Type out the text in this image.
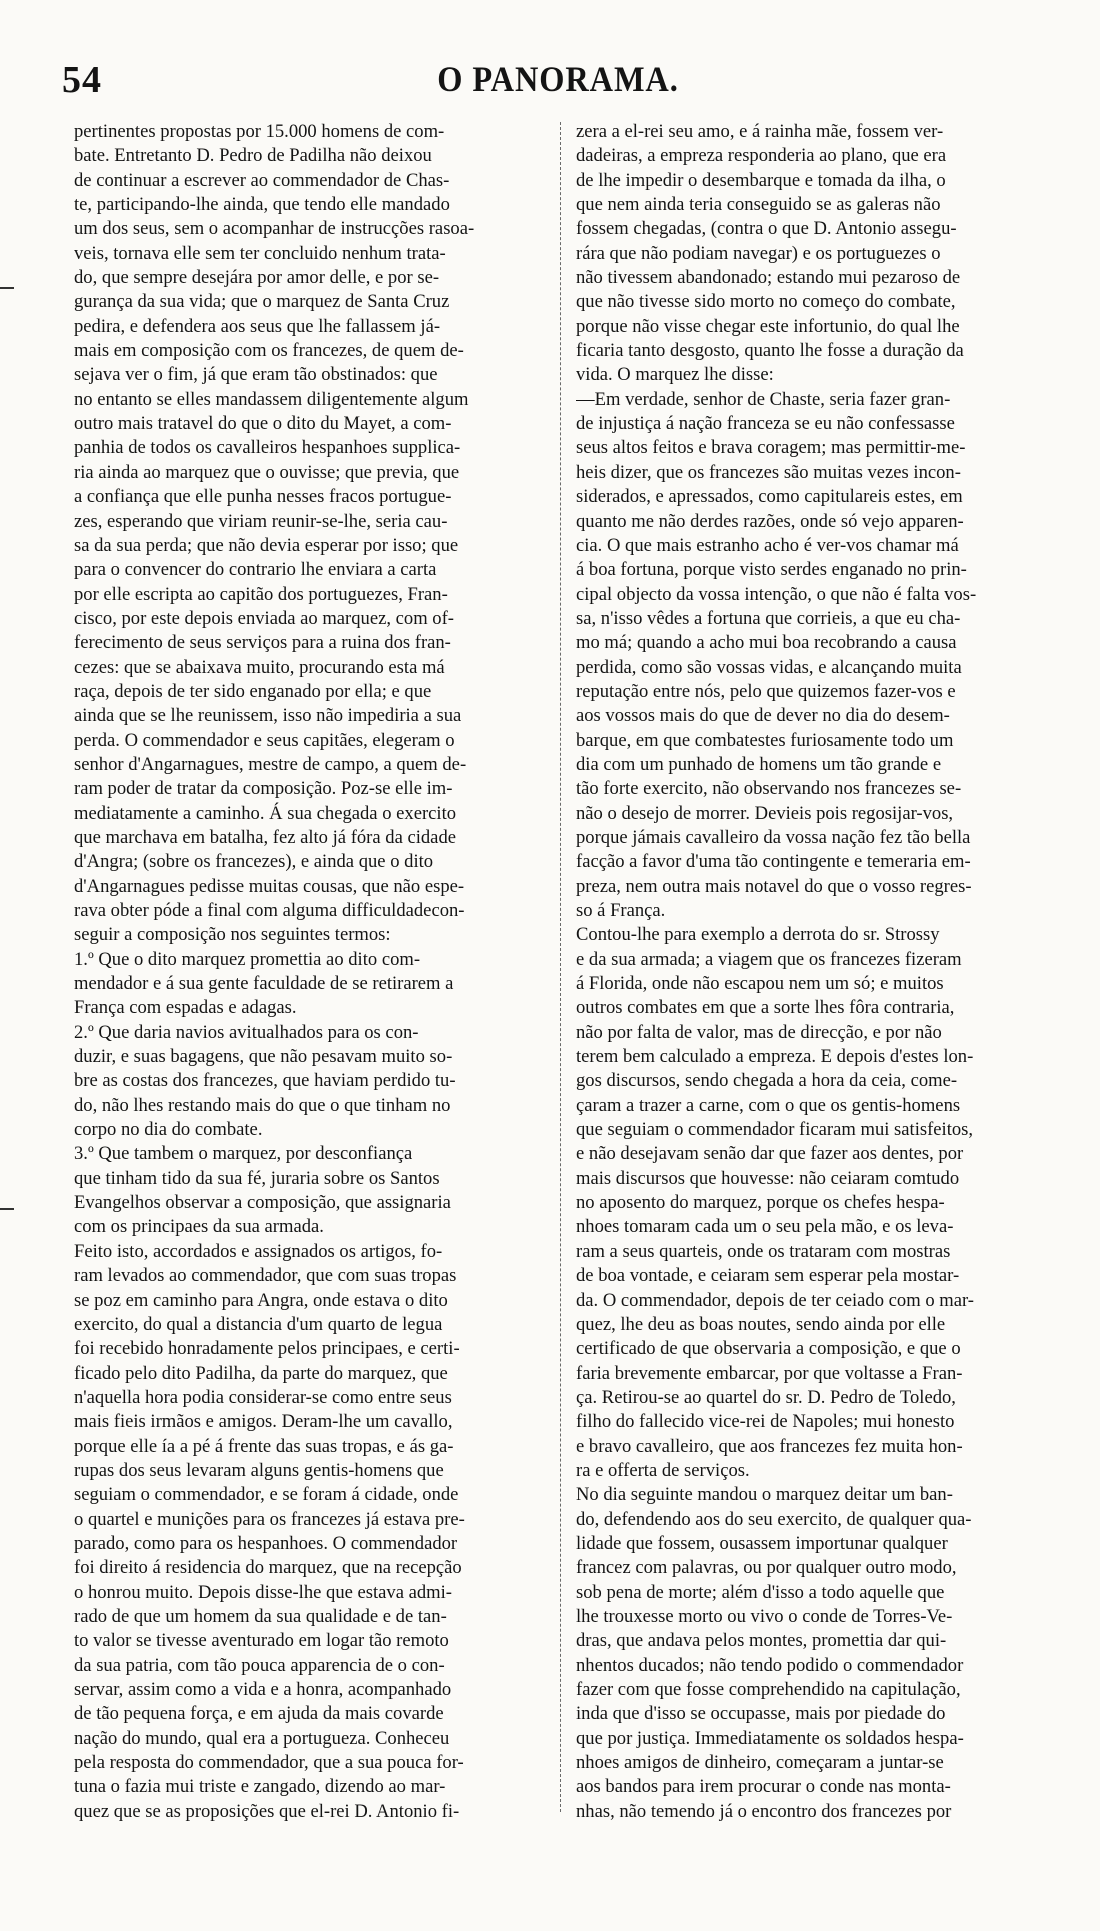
54	O PANORAMA.
pertinentes propostas por 15.000 homens de com-
bate. Entretanto D. Pedro de Padilha não deixou
de continuar a escrever ao commendador de Chas-
te, participando-lhe ainda, que tendo elle mandado
um dos seus, sem o acompanhar de instrucções rasoa-
veis, tornava elle sem ter concluido nenhum trata-
do, que sempre desejára por amor delle, e por se-
gurança da sua vida; que o marquez de Santa Cruz
pedira, e defendera aos seus que lhe fallassem já-
mais em composição com os francezes, de quem de-
sejava ver o fim, já que eram tão obstinados: que
no entanto se elles mandassem diligentemente algum
outro mais tratavel do que o dito du Mayet, a com-
panhia de todos os cavalleiros hespanhoes supplica-
ria ainda ao marquez que o ouvisse; que previa, que
a confiança que elle punha nesses fracos portugue-
zes, esperando que viriam reunir-se-lhe, seria cau-
sa da sua perda; que não devia esperar por isso; que
para o convencer do contrario lhe enviara a carta
por elle escripta ao capitão dos portuguezes, Fran-
cisco, por este depois enviada ao marquez, com of-
ferecimento de seus serviços para a ruina dos fran-
cezes: que se abaixava muito, procurando esta má
raça, depois de ter sido enganado por ella; e que
ainda que se lhe reunissem, isso não impediria a sua
perda. O commendador e seus capitães, elegeram o
senhor d'Angarnagues, mestre de campo, a quem de-
ram poder de tratar da composição. Poz-se elle im-
mediatamente a caminho. Á sua chegada o exercito
que marchava em batalha, fez alto já fóra da cidade
d'Angra; (sobre os francezes), e ainda que o dito
d'Angarnagues pedisse muitas cousas, que não espe-
rava obter póde a final com alguma difficuldadecon-
seguir a composição nos seguintes termos:
1.º Que o dito marquez promettia ao dito com-
mendador e á sua gente faculdade de se retirarem a
França com espadas e adagas.
2.º Que daria navios avitualhados para os con-
duzir, e suas bagagens, que não pesavam muito so-
bre as costas dos francezes, que haviam perdido tu-
do, não lhes restando mais do que o que tinham no
corpo no dia do combate.
3.º Que tambem o marquez, por desconfiança
que tinham tido da sua fé, juraria sobre os Santos
Evangelhos observar a composição, que assignaria
com os principaes da sua armada.
Feito isto, accordados e assignados os artigos, fo-
ram levados ao commendador, que com suas tropas
se poz em caminho para Angra, onde estava o dito
exercito, do qual a distancia d'um quarto de legua
foi recebido honradamente pelos principaes, e certi-
ficado pelo dito Padilha, da parte do marquez, que
n'aquella hora podia considerar-se como entre seus
mais fieis irmãos e amigos. Deram-lhe um cavallo,
porque elle ía a pé á frente das suas tropas, e ás ga-
rupas dos seus levaram alguns gentis-homens que
seguiam o commendador, e se foram á cidade, onde
o quartel e munições para os francezes já estava pre-
parado, como para os hespanhoes. O commendador
foi direito á residencia do marquez, que na recepção
o honrou muito. Depois disse-lhe que estava admi-
rado de que um homem da sua qualidade e de tan-
to valor se tivesse aventurado em logar tão remoto
da sua patria, com tão pouca apparencia de o con-
servar, assim como a vida e a honra, acompanhado
de tão pequena força, e em ajuda da mais covarde
nação do mundo, qual era a portugueza. Conheceu
pela resposta do commendador, que a sua pouca for-
tuna o fazia mui triste e zangado, dizendo ao mar-
quez que se as proposições que el-rei D. Antonio fi-
zera a el-rei seu amo, e á rainha mãe, fossem ver-
dadeiras, a empreza responderia ao plano, que era
de lhe impedir o desembarque e tomada da ilha, o
que nem ainda teria conseguido se as galeras não
fossem chegadas, (contra o que D. Antonio assegu-
rára que não podiam navegar) e os portuguezes o
não tivessem abandonado; estando mui pezaroso de
que não tivesse sido morto no começo do combate,
porque não visse chegar este infortunio, do qual lhe
ficaria tanto desgosto, quanto lhe fosse a duração da
vida. O marquez lhe disse:
—Em verdade, senhor de Chaste, seria fazer gran-
de injustiça á nação franceza se eu não confessasse
seus altos feitos e brava coragem; mas permittir-me-
heis dizer, que os francezes são muitas vezes incon-
siderados, e apressados, como capitulareis estes, em
quanto me não derdes razões, onde só vejo apparen-
cia. O que mais estranho acho é ver-vos chamar má
á boa fortuna, porque visto serdes enganado no prin-
cipal objecto da vossa intenção, o que não é falta vos-
sa, n'isso vêdes a fortuna que corrieis, a que eu cha-
mo má; quando a acho mui boa recobrando a causa
perdida, como são vossas vidas, e alcançando muita
reputação entre nós, pelo que quizemos fazer-vos e
aos vossos mais do que de dever no dia do desem-
barque, em que combatestes furiosamente todo um
dia com um punhado de homens um tão grande e
tão forte exercito, não observando nos francezes se-
não o desejo de morrer. Devieis pois regosijar-vos,
porque jámais cavalleiro da vossa nação fez tão bella
facção a favor d'uma tão contingente e temeraria em-
preza, nem outra mais notavel do que o vosso regres-
so á França.
Contou-lhe para exemplo a derrota do sr. Strossy
e da sua armada; a viagem que os francezes fizeram
á Florida, onde não escapou nem um só; e muitos
outros combates em que a sorte lhes fôra contraria,
não por falta de valor, mas de direcção, e por não
terem bem calculado a empreza. E depois d'estes lon-
gos discursos, sendo chegada a hora da ceia, come-
çaram a trazer a carne, com o que os gentis-homens
que seguiam o commendador ficaram mui satisfeitos,
e não desejavam senão dar que fazer aos dentes, por
mais discursos que houvesse: não ceiaram comtudo
no aposento do marquez, porque os chefes hespa-
nhoes tomaram cada um o seu pela mão, e os leva-
ram a seus quarteis, onde os trataram com mostras
de boa vontade, e ceiaram sem esperar pela mostar-
da. O commendador, depois de ter ceiado com o mar-
quez, lhe deu as boas noutes, sendo ainda por elle
certificado de que observaria a composição, e que o
faria brevemente embarcar, por que voltasse a Fran-
ça. Retirou-se ao quartel do sr. D. Pedro de Toledo,
filho do fallecido vice-rei de Napoles; mui honesto
e bravo cavalleiro, que aos francezes fez muita hon-
ra e offerta de serviços.
No dia seguinte mandou o marquez deitar um ban-
do, defendendo aos do seu exercito, de qualquer qua-
lidade que fossem, ousassem importunar qualquer
francez com palavras, ou por qualquer outro modo,
sob pena de morte; além d'isso a todo aquelle que
lhe trouxesse morto ou vivo o conde de Torres-Ve-
dras, que andava pelos montes, promettia dar qui-
nhentos ducados; não tendo podido o commendador
fazer com que fosse comprehendido na capitulação,
inda que d'isso se occupasse, mais por piedade do
que por justiça. Immediatamente os soldados hespa-
nhoes amigos de dinheiro, começaram a juntar-se
aos bandos para irem procurar o conde nas monta-
nhas, não temendo já o encontro dos francezes por
